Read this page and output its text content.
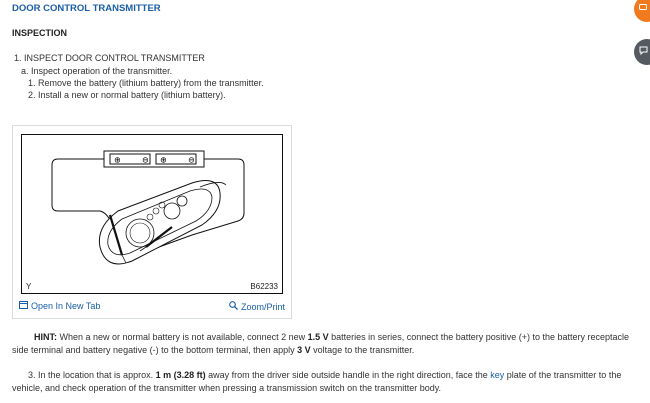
DOOR CONTROL TRANSMITTER
INSPECTION
1. INSPECT DOOR CONTROL TRANSMITTER
a. Inspect operation of the transmitter.
1. Remove the battery (lithium battery) from the transmitter.
2. Install a new or normal battery (lithium battery).
⊕	⊖ ⊕	⊖
Y	B62233
Open In New Tab	Zoom/Print
HINT: When a new or normal battery is not available, connect 2 new 1.5 V batteries in series, connect the battery positive (+) to the battery receptacle
side terminal and battery negative (-) to the bottom terminal, then apply 3 V voltage to the transmitter.
3. In the location that is approx. 1 m (3.28 ft) away from the driver side outside handle in the right direction, face the key plate of the transmitter to the
vehicle, and check operation of the transmitter when pressing a transmission switch on the transmitter body.
